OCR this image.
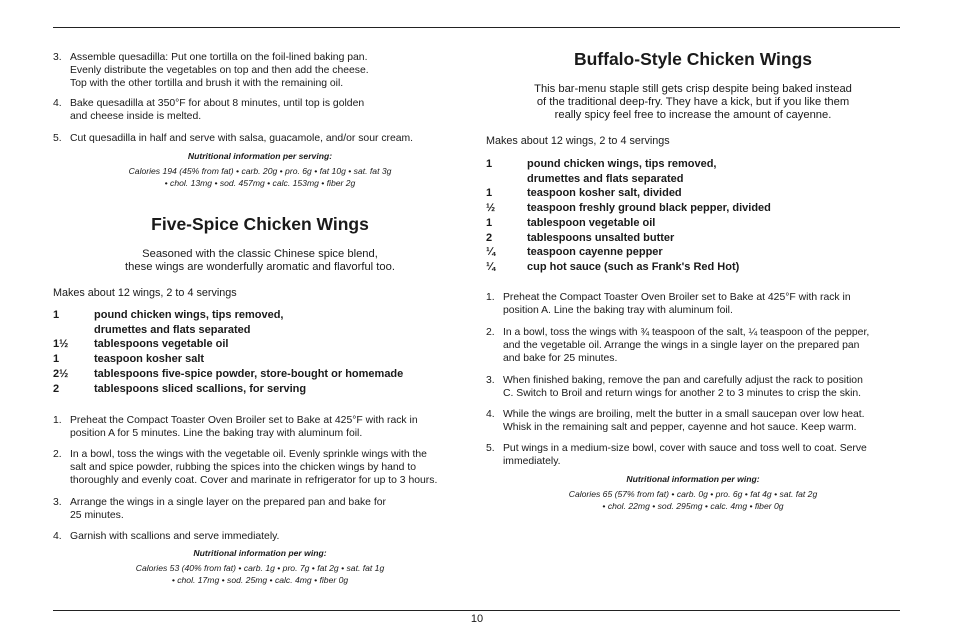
3. Assemble quesadilla: Put one tortilla on the foil-lined baking pan.
Evenly distribute the vegetables on top and then add the cheese.
Top with the other tortilla and brush it with the remaining oil.
4. Bake quesadilla at 350°F for about 8 minutes, until top is golden
and cheese inside is melted.
5. Cut quesadilla in half and serve with salsa, guacamole, and/or sour cream.
Nutritional information per serving:
Calories 194 (45% from fat) • carb. 20g • pro. 6g • fat 10g • sat. fat 3g
• chol. 13mg • sod. 457mg • calc. 153mg • fiber 2g
Five-Spice Chicken Wings
Seasoned with the classic Chinese spice blend,
these wings are wonderfully aromatic and flavorful too.
Makes about 12 wings, 2 to 4 servings
1	pound chicken wings, tips removed,
drumettes and flats separated
1½ tablespoons vegetable oil
1	teaspoon kosher salt
2½ tablespoons five-spice powder, store-bought or homemade
2	tablespoons sliced scallions, for serving
1. Preheat the Compact Toaster Oven Broiler set to Bake at 425°F with rack in
position A for 5 minutes. Line the baking tray with aluminum foil.
2. In a bowl, toss the wings with the vegetable oil. Evenly sprinkle wings with the
salt and spice powder, rubbing the spices into the chicken wings by hand to
thoroughly and evenly coat. Cover and marinate in refrigerator for up to 3 hours.
3. Arrange the wings in a single layer on the prepared pan and bake for
25 minutes.
4. Garnish with scallions and serve immediately.
Nutritional information per wing:
Calories 53 (40% from fat) • carb. 1g • pro. 7g • fat 2g • sat. fat 1g
• chol. 17mg • sod. 25mg • calc. 4mg • fiber 0g
Buffalo-Style Chicken Wings
This bar-menu staple still gets crisp despite being baked instead
of the traditional deep-fry. They have a kick, but if you like them
really spicy feel free to increase the amount of cayenne.
Makes about 12 wings, 2 to 4 servings
1	pound chicken wings, tips removed,
drumettes and flats separated
1	teaspoon kosher salt, divided
½	teaspoon freshly ground black pepper, divided
1	tablespoon vegetable oil
2	tablespoons unsalted butter
¼	teaspoon cayenne pepper
¼	cup hot sauce (such as Frank's Red Hot)
1. Preheat the Compact Toaster Oven Broiler set to Bake at 425°F with rack in
position A. Line the baking tray with aluminum foil.
2. In a bowl, toss the wings with ¾ teaspoon of the salt, ¼ teaspoon of the pepper,
and the vegetable oil. Arrange the wings in a single layer on the prepared pan
and bake for 25 minutes.
3. When finished baking, remove the pan and carefully adjust the rack to position
C. Switch to Broil and return wings for another 2 to 3 minutes to crisp the skin.
4. While the wings are broiling, melt the butter in a small saucepan over low heat.
Whisk in the remaining salt and pepper, cayenne and hot sauce. Keep warm.
5. Put wings in a medium-size bowl, cover with sauce and toss well to coat. Serve
immediately.
Nutritional information per wing:
Calories 65 (57% from fat) • carb. 0g • pro. 6g • fat 4g • sat. fat 2g
• chol. 22mg • sod. 295mg • calc. 4mg • fiber 0g
10
